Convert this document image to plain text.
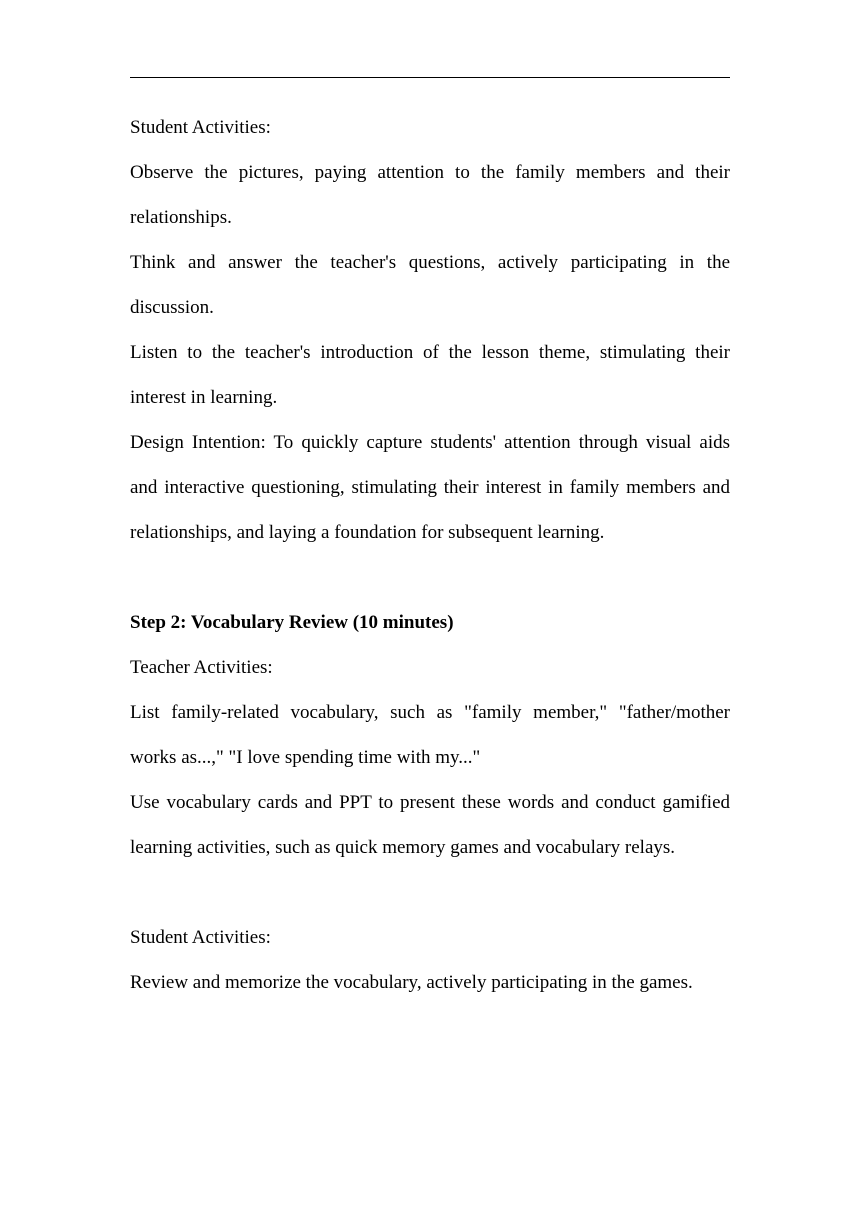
Student Activities:

Observe the pictures, paying attention to the family members and their relationships.

Think and answer the teacher's questions, actively participating in the discussion.

Listen to the teacher's introduction of the lesson theme, stimulating their interest in learning.

Design Intention: To quickly capture students' attention through visual aids and interactive questioning, stimulating their interest in family members and relationships, and laying a foundation for subsequent learning.

Step 2: Vocabulary Review (10 minutes)

Teacher Activities:

List family-related vocabulary, such as "family member," "father/mother works as...," "I love spending time with my..."

Use vocabulary cards and PPT to present these words and conduct gamified learning activities, such as quick memory games and vocabulary relays.

Student Activities:

Review and memorize the vocabulary, actively participating in the games.
